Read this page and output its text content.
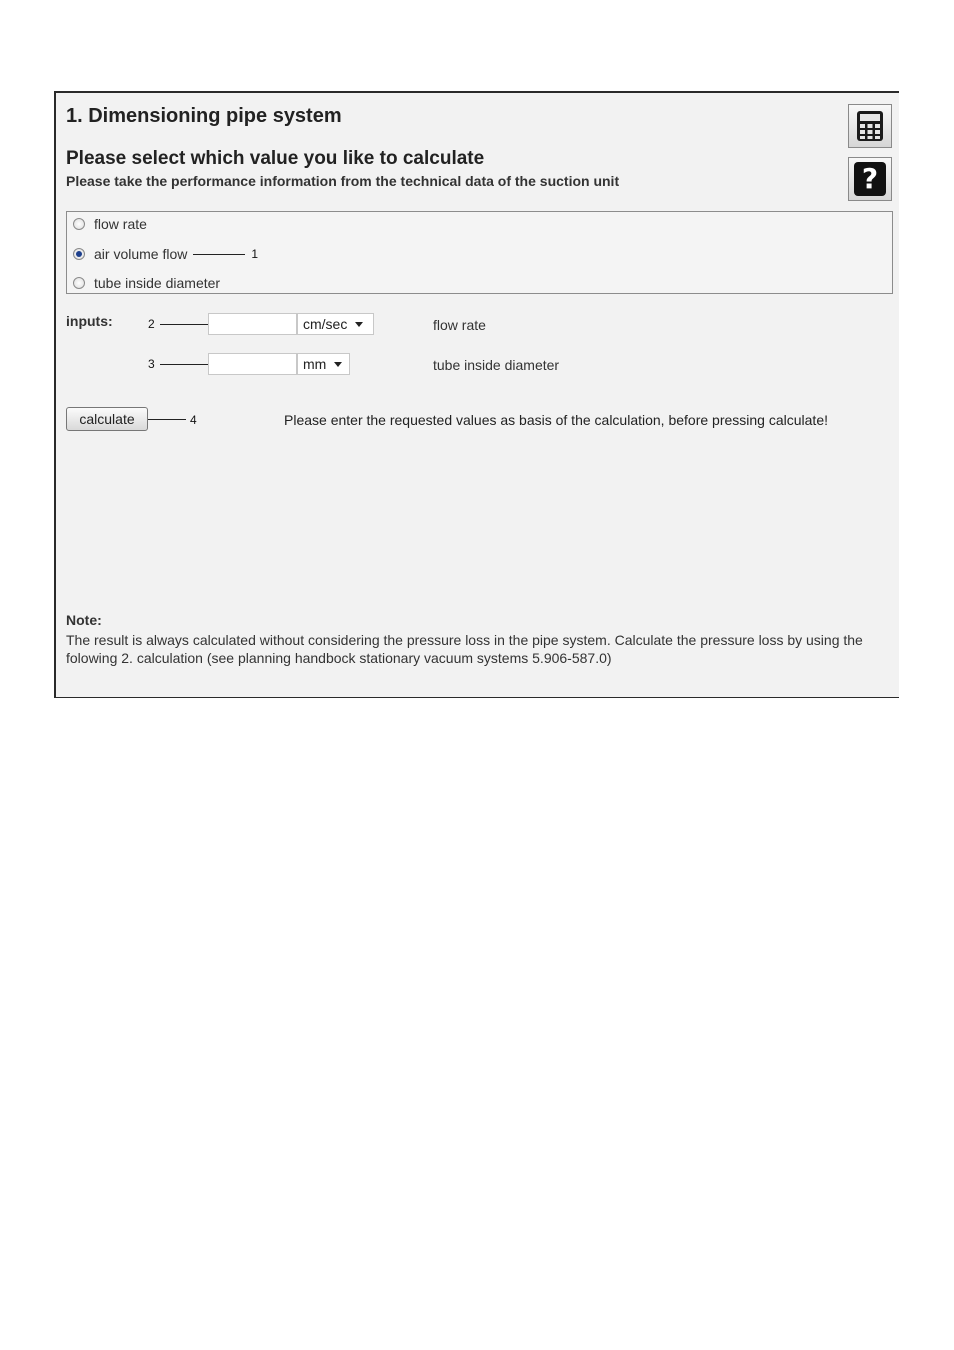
1. Dimensioning pipe system
Please select which value you like to calculate
Please take the performance information from the technical data of the suction unit	?
flow rate
air volume flow	1
tube inside diameter
inputs:	2	cm/sec	flow rate
3	mm	tube inside diameter
calculate	4	Please enter the requested values as basis of the calculation, before pressing calculate!
Note:
The result is always calculated without considering the pressure loss in the pipe system. Calculate the pressure loss by using the folowing 2. calculation (see planning handbock stationary vacuum systems 5.906-587.0)
